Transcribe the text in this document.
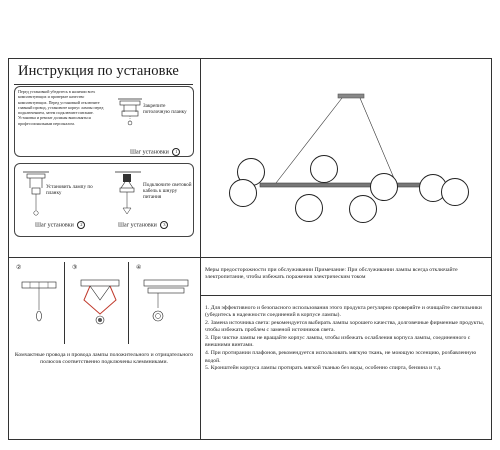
Инструкция по установке
Перед установкой убедитесь в наличии всех комплектующих и проверьте качество комплектующих. Перед установкой отключите главный провод, установите корпус лампы перед подключением, затем подключите питание. Установка и ремонт должны выполняться профессиональным персоналом.
Закрепите потолочную планку
Шаг установки 1
Установить лампу по планку
Подключите световой кабель к шнуру питания
Шаг установки 2	Шаг установки 3
②	③	④
Комчактные провода и провода лампы положительного и отрицательного полюсов соответственно подключены клеммниками.
Меры предосторожности при обслуживании Примечание: При обслуживании лампы всегда отключайте электропитание, чтобы избежать поражения электрическим током

1. Для эффективного и безопасного использования этого продукта регулярно проверяйте и очищайте светильники (убедитесь в надежности соединений в корпусе лампы).

2. Замена источника света: рекомендуется выбирать лампы хорошего качества, долговечные фирменные продукты, чтобы избежать проблем с заменой источников света.

3. При чистке лампы не вращайте корпус лампы, чтобы избежать ослабления корпуса лампы, соединенного с внешними винтами.

4. При протирании плафонов, рекомендуется использовать мягкую ткань, не моющую эссенцию, розбавленную водой.

5. Кронштейн корпуса лампы протирать мягкой тканью без воды, особенно спирта, бензина и т.д.
